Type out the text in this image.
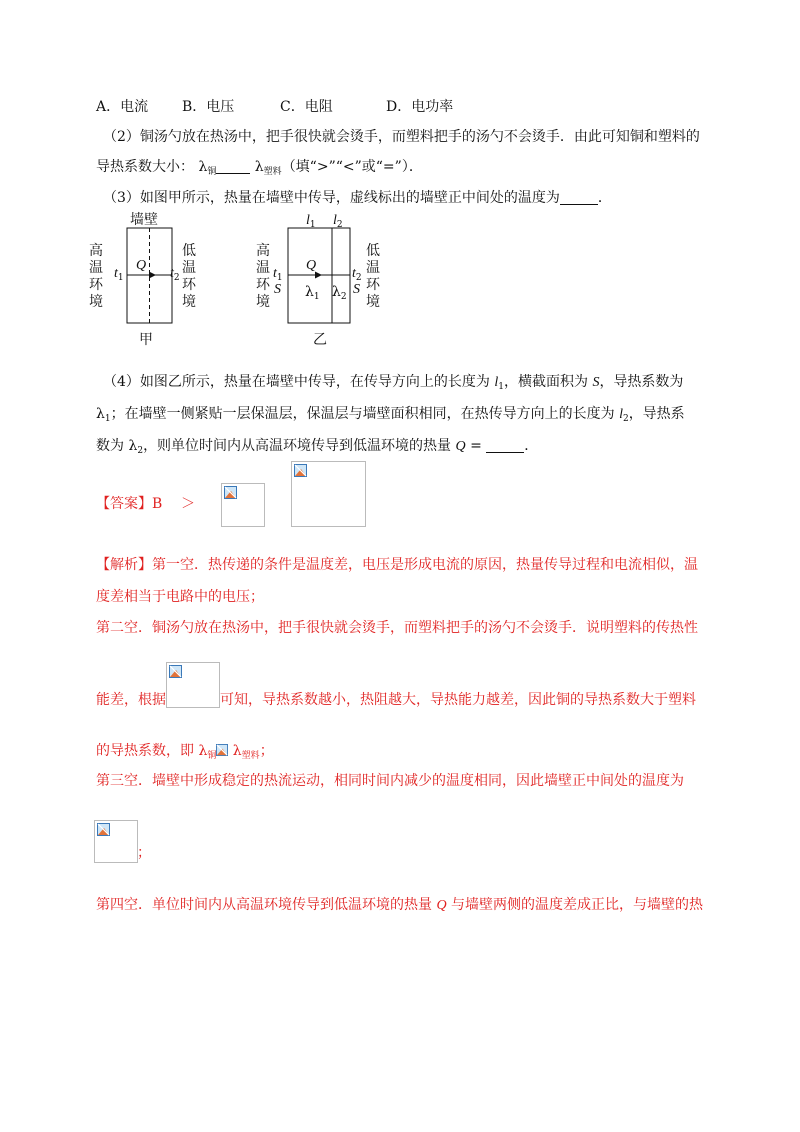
A．电流 B．电压	C．电阻	D．电功率
（2）铜汤勺放在热汤中，把手很快就会烫手，而塑料把手的汤勺不会烫手．由此可知铜和塑料的
导热系数大小： $\lambda_铜$	$\lambda_{塑料}$（填“>”“<”或“=”）．
（3）如图甲所示，热量在墙壁中传导，虚线标出的墙壁正中间处的温度为	．
墙壁
高
温
环
境
$t_1$
Q
$t_2$
低
温
环
境
甲
$l_1$ $l_2$
高
温
环
境
$t_1$
S
Q
$\lambda_1$ $\lambda_2$
$t_2$
S
低
温
环
境
乙
（4）如图乙所示，热量在墙壁中传导，在传导方向上的长度为 $l_1$，横截面积为 S，导热系数为
$\lambda_1$；在墙壁一侧紧贴一层保温层，保温层与墙壁面积相同，在热传导方向上的长度为 $l_2$，导热系
数为 $\lambda_2$，则单位时间内从高温环境传导到低温环境的热量 Q =	．
【答案】B ＞
【解析】第一空．热传递的条件是温度差，电压是形成电流的原因，热量传导过程和电流相似，温
度差相当于电路中的电压；
第二空．铜汤勺放在热汤中，把手很快就会烫手，而塑料把手的汤勺不会烫手．说明塑料的传热性
能差，根据	可知，导热系数越小，热阻越大，导热能力越差，因此铜的导热系数大于塑料
的导热系数，即 $\lambda_铜$ $\lambda_{塑料}$；
第三空．墙壁中形成稳定的热流运动，相同时间内减少的温度相同，因此墙壁正中间处的温度为
；
第四空．单位时间内从高温环境传导到低温环境的热量 Q 与墙壁两侧的温度差成正比，与墙壁的热
